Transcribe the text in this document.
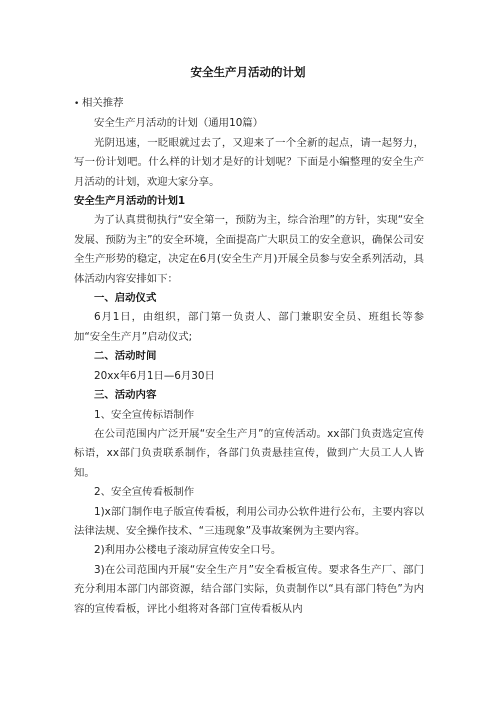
安全生产月活动的计划

• 相关推荐

安全生产月活动的计划（通用10篇）

光阴迅速，一眨眼就过去了，又迎来了一个全新的起点，请一起努力，写一份计划吧。什么样的计划才是好的计划呢？下面是小编整理的安全生产月活动的计划，欢迎大家分享。

安全生产月活动的计划1

为了认真贯彻执行“安全第一，预防为主，综合治理”的方针，实现“安全发展、预防为主”的安全环境，全面提高广大职员工的安全意识，确保公司安全生产形势的稳定，决定在6月(安全生产月)开展全员参与安全系列活动，具体活动内容安排如下：

一、启动仪式

6月1日，由组织，部门第一负责人、部门兼职安全员、班组长等参加“安全生产月”启动仪式;

二、活动时间

20xx年6月1日—6月30日

三、活动内容

1、安全宣传标语制作

在公司范围内广泛开展“安全生产月”的宣传活动。xx部门负责选定宣传标语，xx部门负责联系制作，各部门负责悬挂宣传，做到广大员工人人皆知。

2、安全宣传看板制作

1)x部门制作电子版宣传看板，利用公司办公软件进行公布，主要内容以法律法规、安全操作技术、“三违现象”及事故案例为主要内容。

2)利用办公楼电子滚动屏宣传安全口号。

3)在公司范围内开展“安全生产月”安全看板宣传。要求各生产厂、部门充分利用本部门内部资源，结合部门实际，负责制作以“具有部门特色”为内容的宣传看板，评比小组将对各部门宣传看板从内
